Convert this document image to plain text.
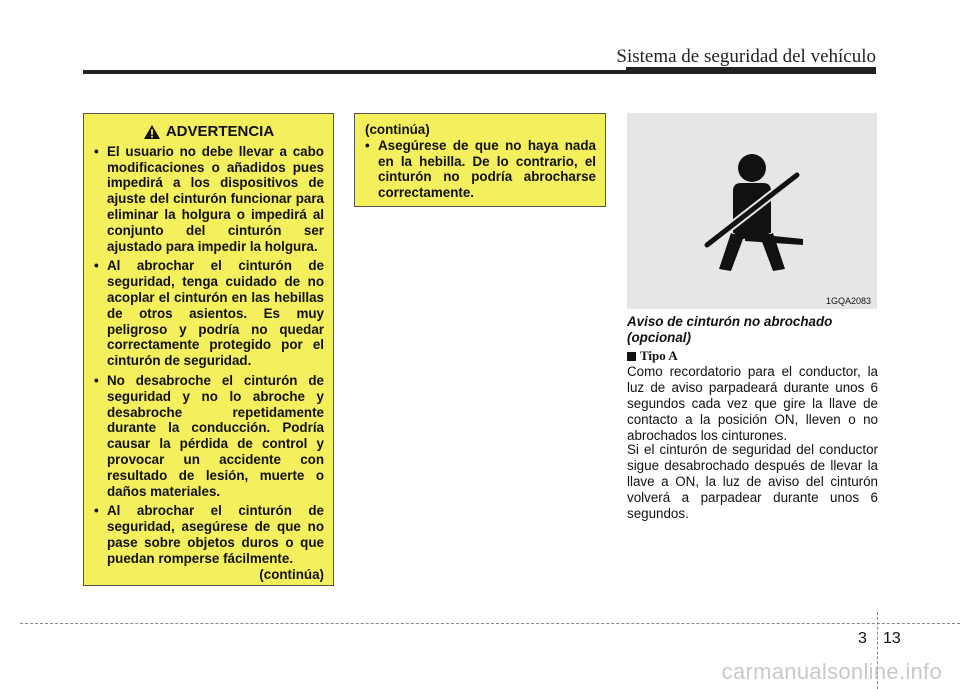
Sistema de seguridad del vehículo
ADVERTENCIA
• El usuario no debe llevar a cabo modificaciones o añadidos pues impedirá a los dispositivos de ajuste del cinturón funcionar para eliminar la holgura o impedirá al conjunto del cinturón ser ajustado para impedir la holgura.
• Al abrochar el cinturón de seguridad, tenga cuidado de no acoplar el cinturón en las hebillas de otros asientos. Es muy peligroso y podría no quedar correctamente protegido por el cinturón de seguridad.
• No desabroche el cinturón de seguridad y no lo abroche y desabroche repetidamente durante la conducción. Podría causar la pérdida de control y provocar un accidente con resultado de lesión, muerte o daños materiales.
• Al abrochar el cinturón de seguridad, asegúrese de que no pase sobre objetos duros o que puedan romperse fácilmente.
(continúa)
(continúa)
• Asegúrese de que no haya nada en la hebilla. De lo contrario, el cinturón no podría abrocharse correctamente.
1GQA2083
Aviso de cinturón no abrochado
(opcional)
Tipo A
Como recordatorio para el conductor, la luz de aviso parpadeará durante unos 6 segundos cada vez que gire la llave de contacto a la posición ON, lleven o no abrochados los cinturones.
Si el cinturón de seguridad del conductor sigue desabrochado después de llevar la llave a ON, la luz de aviso del cinturón volverá a parpadear durante unos 6 segundos.
3 13
carmanualsonline.info
